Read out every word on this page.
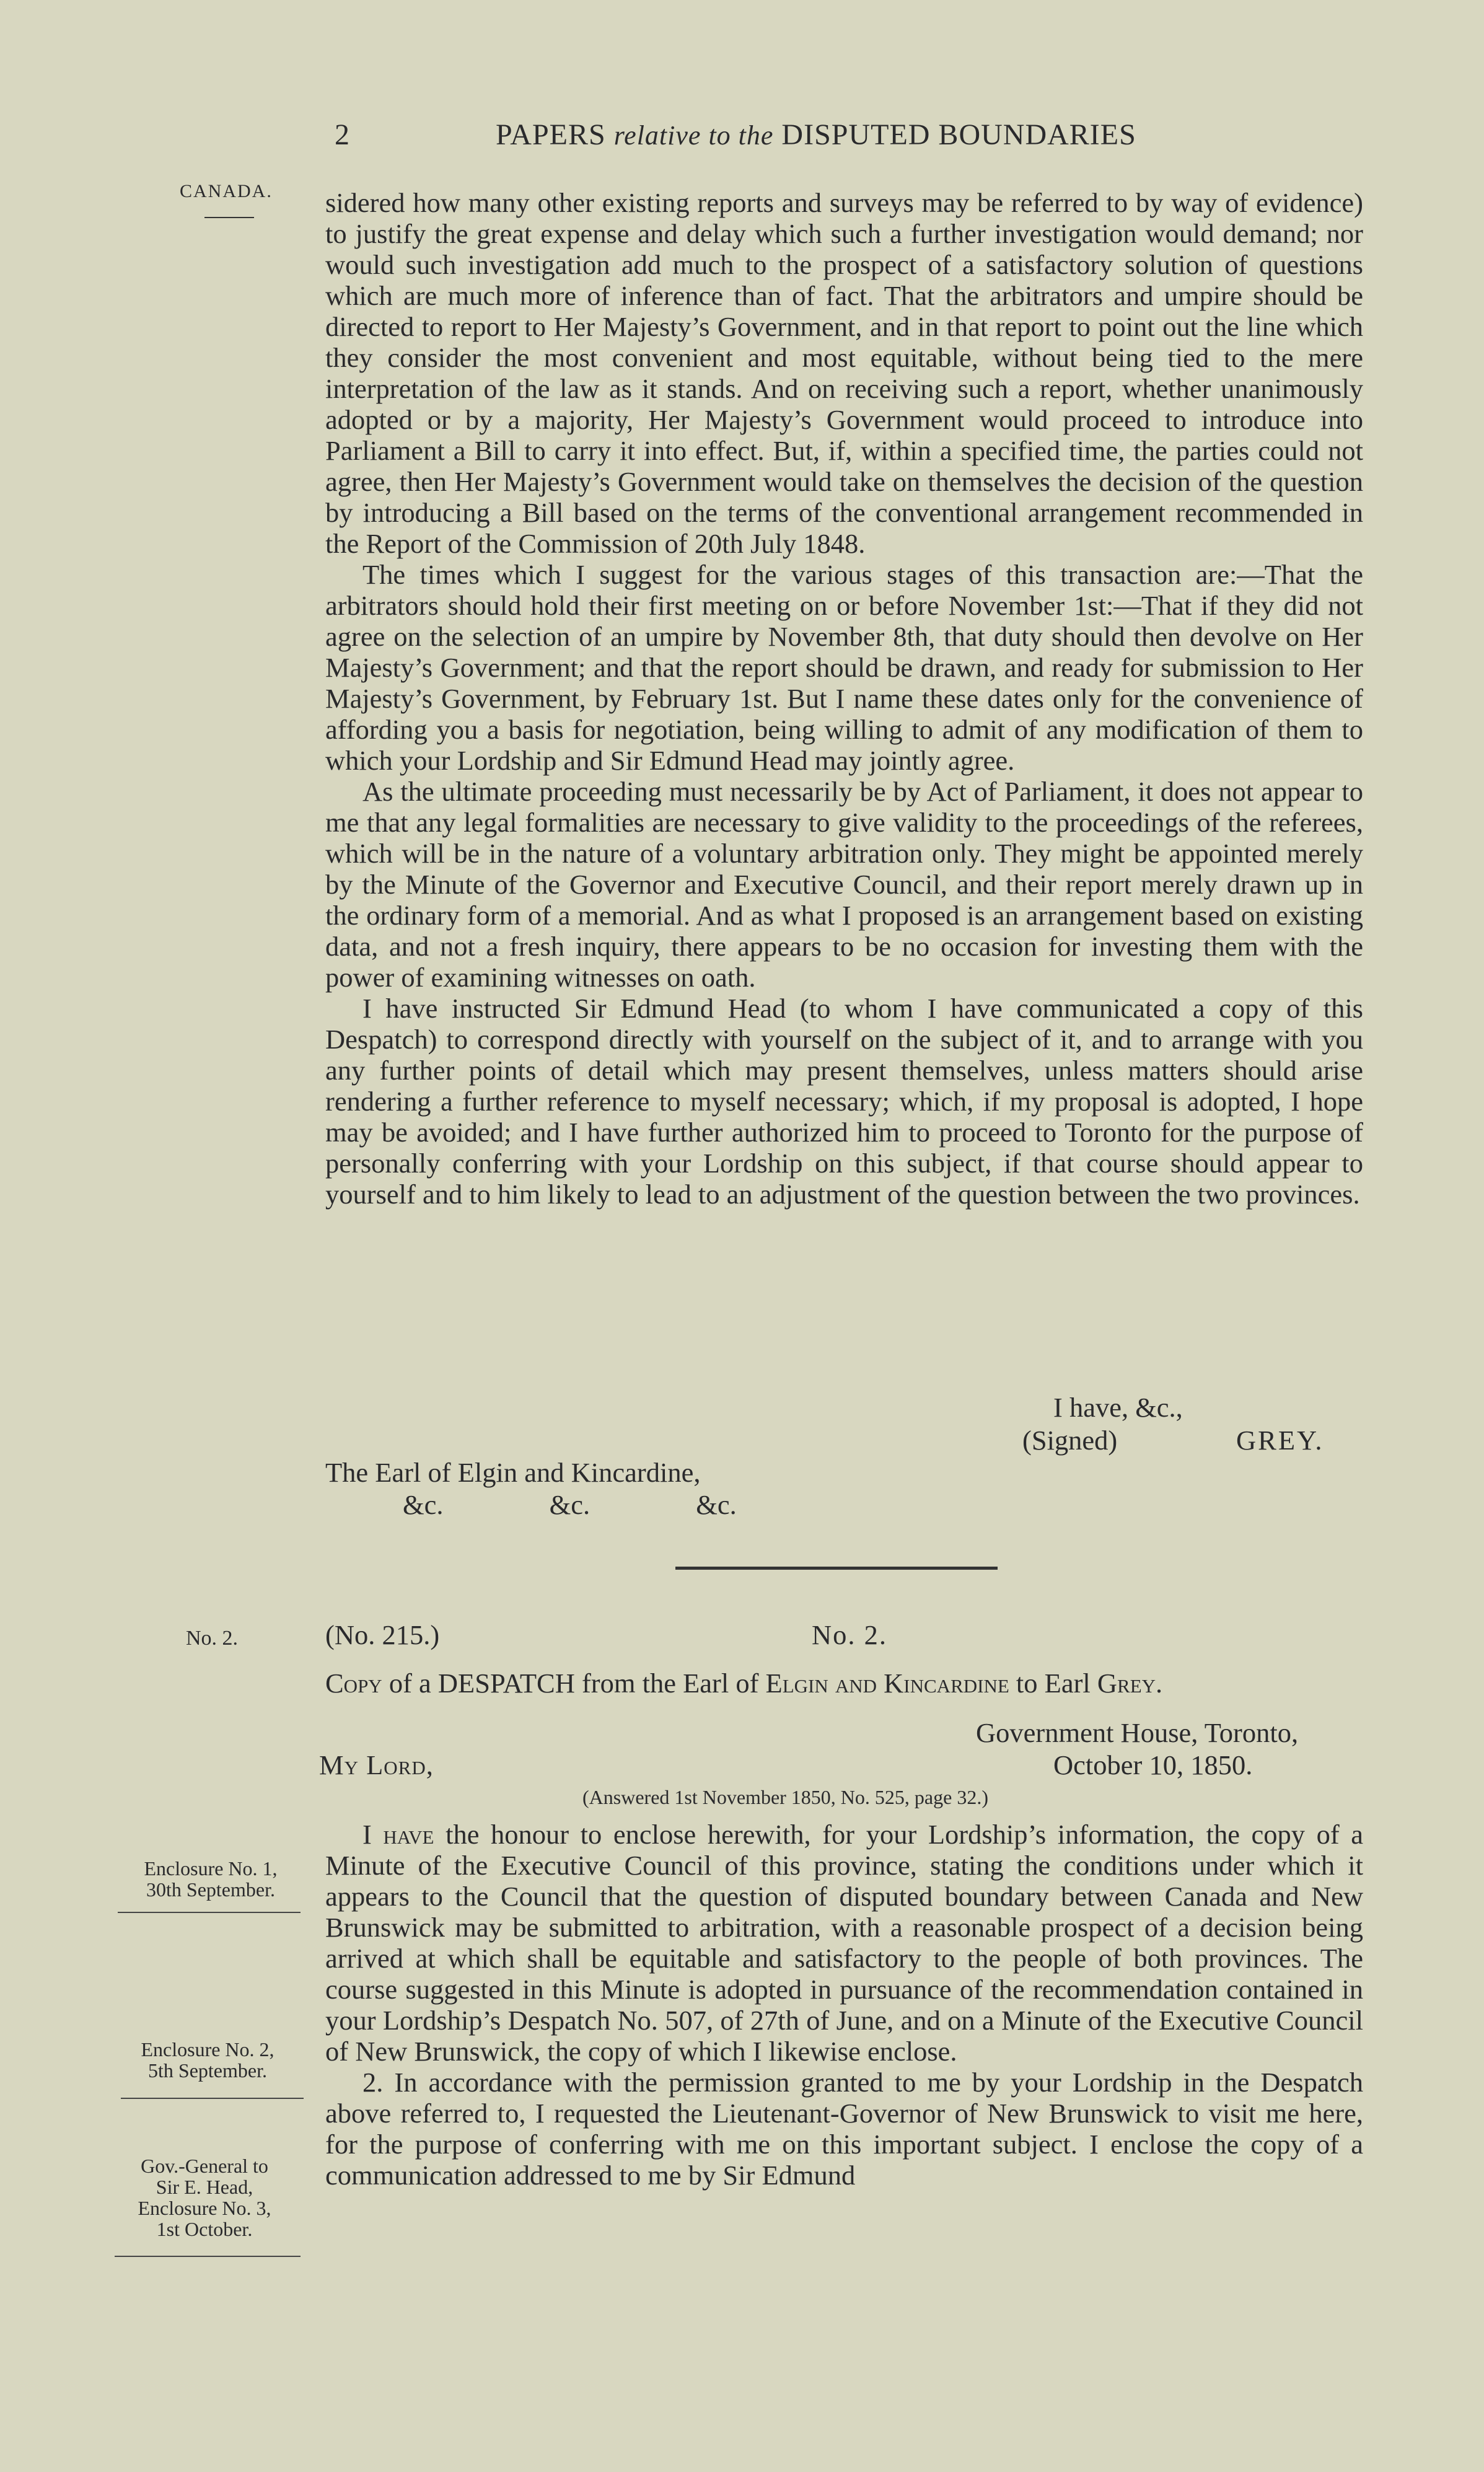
2	PAPERS relative to the DISPUTED BOUNDARIES
CANADA. sidered how many other existing reports and surveys may be referred to by way of evidence) to justify the great expense and delay which such a further investigation would demand; nor would such investigation add much to the prospect of a satisfactory solution of questions which are much more of inference than of fact. That the arbitrators and umpire should be directed to report to Her Majesty’s Government, and in that report to point out the line which they consider the most convenient and most equitable, without being tied to the mere interpretation of the law as it stands. And on receiving such a report, whether unanimously adopted or by a majority, Her Majesty’s Government would proceed to introduce into Parliament a Bill to carry it into effect. But, if, within a specified time, the parties could not agree, then Her Majesty’s Government would take on themselves the decision of the question by introducing a Bill based on the terms of the conventional arrangement recommended in the Report of the Commission of 20th July 1848.

The times which I suggest for the various stages of this transaction are:—That the arbitrators should hold their first meeting on or before November 1st:—That if they did not agree on the selection of an umpire by November 8th, that duty should then devolve on Her Majesty’s Government; and that the report should be drawn, and ready for submission to Her Majesty’s Government, by February 1st. But I name these dates only for the convenience of affording you a basis for negotiation, being willing to admit of any modification of them to which your Lordship and Sir Edmund Head may jointly agree.

As the ultimate proceeding must necessarily be by Act of Parliament, it does not appear to me that any legal formalities are necessary to give validity to the proceedings of the referees, which will be in the nature of a voluntary arbitration only. They might be appointed merely by the Minute of the Governor and Executive Council, and their report merely drawn up in the ordinary form of a memorial. And as what I proposed is an arrangement based on existing data, and not a fresh inquiry, there appears to be no occasion for investing them with the power of examining witnesses on oath.

I have instructed Sir Edmund Head (to whom I have communicated a copy of this Despatch) to correspond directly with yourself on the subject of it, and to arrange with you any further points of detail which may present themselves, unless matters should arise rendering a further reference to myself necessary; which, if my proposal is adopted, I hope may be avoided; and I have further authorized him to proceed to Toronto for the purpose of personally conferring with your Lordship on this subject, if that course should appear to yourself and to him likely to lead to an adjustment of the question between the two provinces.

I have, &c.,
(Signed)	GREY.
The Earl of Elgin and Kincardine,
&c. &c. &c.
No. 2.	(No. 215.)	No. 2.
Copy of a DESPATCH from the Earl of Elgin and Kincardine to Earl Grey.
Government House, Toronto,
My Lord,	October 10, 1850.
(Answered 1st November 1850, No. 525, page 32.)

I have the honour to enclose herewith, for your Lordship’s information, the copy of a Minute of the Executive Council of this province, stating the conditions under which it appears to the Council that the question of disputed boundary between Canada and New Brunswick may be submitted to arbitration, with a reasonable prospect of a decision being arrived at which shall be equitable and satisfactory to the people of both provinces. The course suggested in this Minute is adopted in pursuance of the recommendation contained in your Lordship’s Despatch No. 507, of 27th of June, and on a Minute of the Executive Council of New Brunswick, the copy of which I likewise enclose.

2. In accordance with the permission granted to me by your Lordship in the Despatch above referred to, I requested the Lieutenant-Governor of New Brunswick to visit me here, for the purpose of conferring with me on this important subject. I enclose the copy of a communication addressed to me by Sir Edmund

Enclosure No. 1,
30th September.
Enclosure No. 2,
5th September.
Gov.-General to
Sir E. Head,
Enclosure No. 3,
1st October.
